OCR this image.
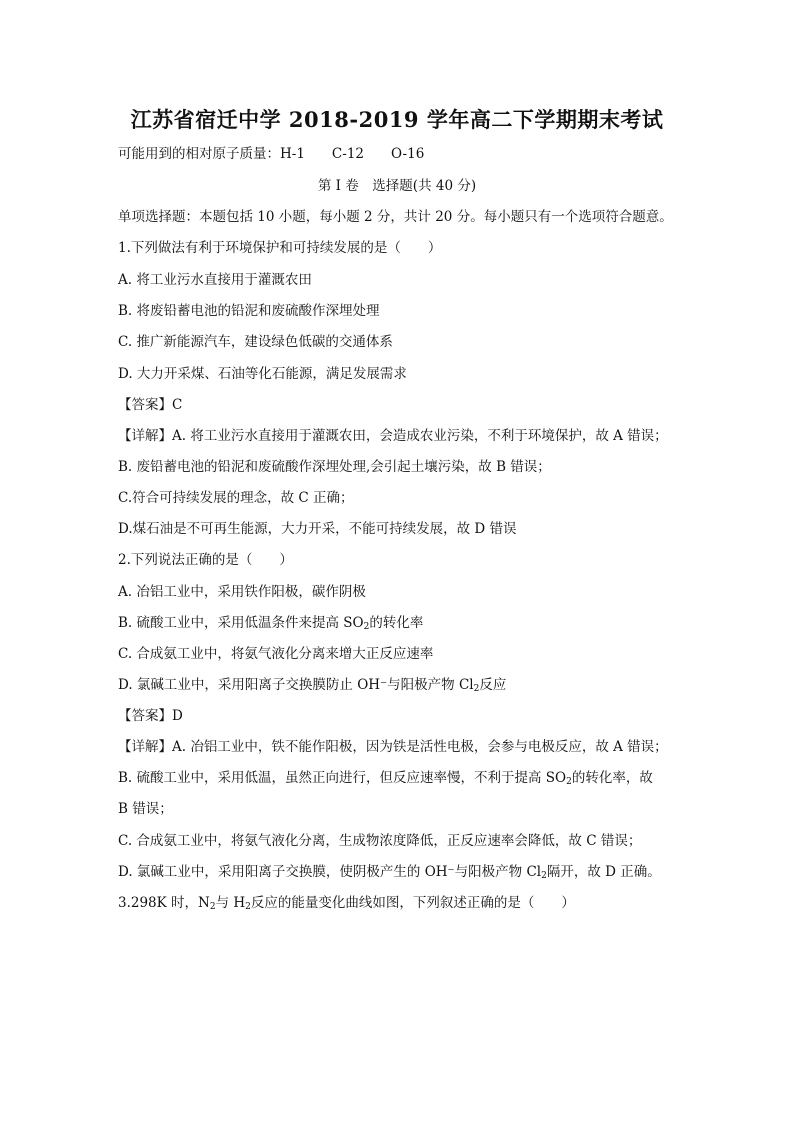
江苏省宿迁中学 2018-2019 学年高二下学期期末考试
可能用到的相对原子质量：H-1　　C-12　　O-16
第 I 卷　选择题(共 40 分)
单项选择题：本题包括 10 小题，每小题 2 分，共计 20 分。每小题只有一个选项符合题意。
1.下列做法有利于环境保护和可持续发展的是（　　）
A. 将工业污水直接用于灌溉农田
B. 将废铅蓄电池的铅泥和废硫酸作深埋处理
C. 推广新能源汽车，建设绿色低碳的交通体系
D. 大力开采煤、石油等化石能源，满足发展需求
【答案】C
【详解】A. 将工业污水直接用于灌溉农田，会造成农业污染，不利于环境保护，故 A 错误；
B. 废铅蓄电池的铅泥和废硫酸作深埋处理,会引起土壤污染，故 B 错误；
C.符合可持续发展的理念，故 C 正确；
D.煤石油是不可再生能源，大力开采，不能可持续发展，故 D 错误
2.下列说法正确的是（　　）
A. 冶铝工业中，采用铁作阳极，碳作阴极
B. 硫酸工业中，采用低温条件来提高 $SO_2$的转化率
C. 合成氨工业中，将氨气液化分离来增大正反应速率
D. 氯碱工业中，采用阳离子交换膜防止 OH⁻与阳极产物 $Cl_2$反应
【答案】D
【详解】A. 冶铝工业中，铁不能作阳极，因为铁是活性电极，会参与电极反应，故 A 错误；
B. 硫酸工业中，采用低温，虽然正向进行，但反应速率慢，不利于提高 $SO_2$的转化率，故
B 错误；
C. 合成氨工业中，将氨气液化分离，生成物浓度降低，正反应速率会降低，故 C 错误；
D. 氯碱工业中，采用阳离子交换膜，使阴极产生的 OH⁻与阳极产物 $Cl_2$隔开，故 D 正确。
3.298K 时，$N_2$与 $H_2$反应的能量变化曲线如图，下列叙述正确的是（　　）
